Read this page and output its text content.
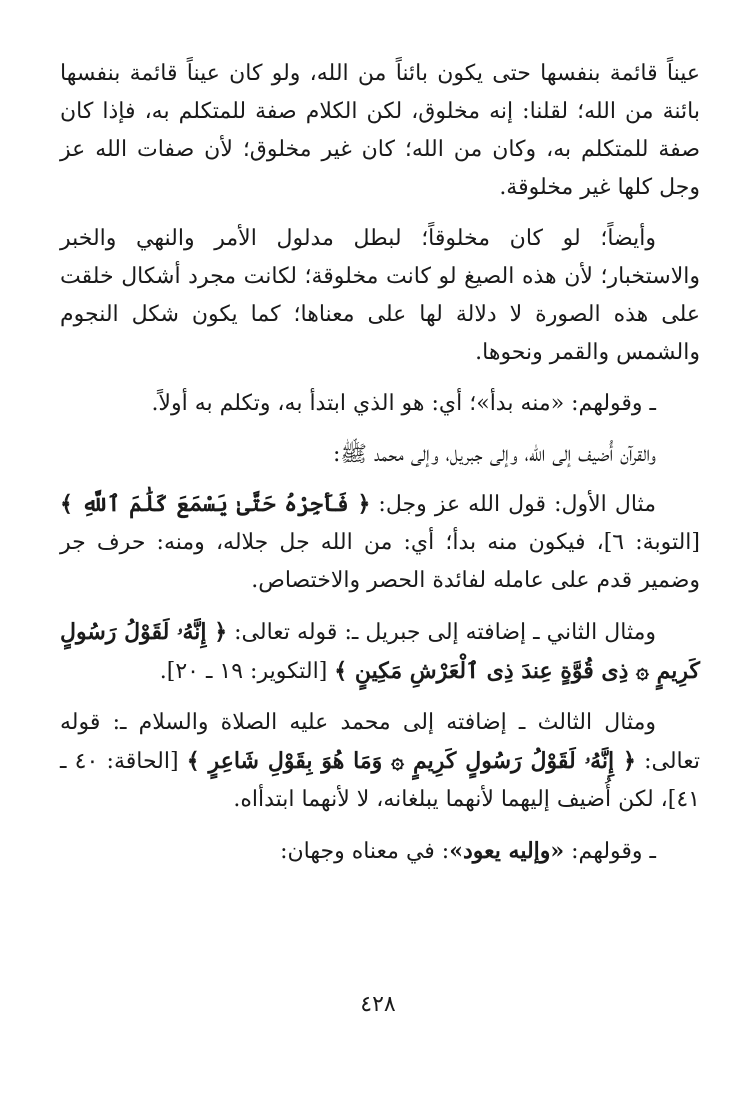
عيناً قائمة بنفسها حتى يكون بائناً من الله، ولو كان عيناً قائمة بنفسها بائنة من الله؛ لقلنا: إنه مخلوق، لكن الكلام صفة للمتكلم به، فإذا كان صفة للمتكلم به، وكان من الله؛ كان غير مخلوق؛ لأن صفات الله عز وجل كلها غير مخلوقة.

وأيضاً؛ لو كان مخلوقاً؛ لبطل مدلول الأمر والنهي والخبر والاستخبار؛ لأن هذه الصيغ لو كانت مخلوقة؛ لكانت مجرد أشكال خلقت على هذه الصورة لا دلالة لها على معناها؛ كما يكون شكل النجوم والشمس والقمر ونحوها.

ـ وقولهم: «منه بدأ»؛ أي: هو الذي ابتدأ به، وتكلم به أولاً.

والقرآن أُضيف إلى الله، وإلى جبريل، وإلى محمد ﷺ:

مثال الأول: قول الله عز وجل: ﴿ فَأَجِرْهُ حَتَّىٰ يَسْمَعَ كَلَٰمَ ٱللَّهِ ﴾ [التوبة: ٦]، فيكون منه بدأ؛ أي: من الله جل جلاله، ومنه: حرف جر وضمير قدم على عامله لفائدة الحصر والاختصاص.

ومثال الثاني ـ إضافته إلى جبريل ـ: قوله تعالى: ﴿ إِنَّهُۥ لَقَوْلُ رَسُولٍ كَرِيمٍ ۞ ذِى قُوَّةٍ عِندَ ذِى ٱلْعَرْشِ مَكِينٍ ﴾ [التكوير: ١٩ ـ ٢٠].

ومثال الثالث ـ إضافته إلى محمد عليه الصلاة والسلام ـ: قوله تعالى: ﴿ إِنَّهُۥ لَقَوْلُ رَسُولٍ كَرِيمٍ ۞ وَمَا هُوَ بِقَوْلِ شَاعِرٍ ﴾ [الحاقة: ٤٠ ـ ٤١]، لكن أُضيف إليهما لأنهما يبلغانه، لا لأنهما ابتدأاه.

ـ وقولهم: «وإليه يعود»: في معناه وجهان:

٤٢٨
